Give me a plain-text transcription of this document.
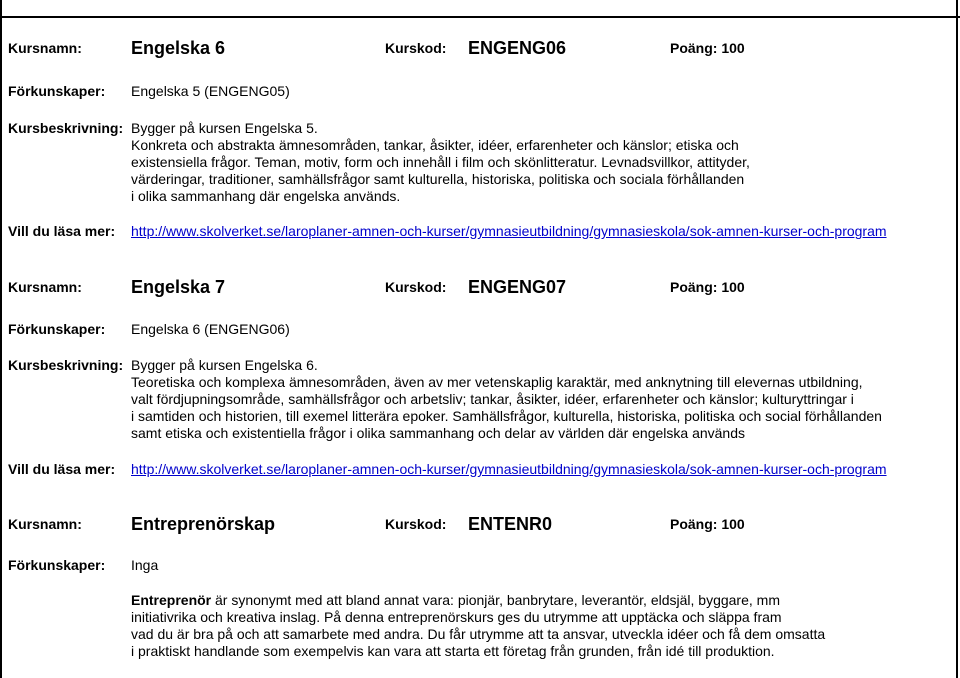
Kursnamn:	Engelska 6	Kurskod: ENGENG06	Poäng: 100
Förkunskaper: Engelska 5 (ENGENG05)
Kursbeskrivning: Bygger på kursen Engelska 5.

Konkreta och abstrakta ämnesområden, tankar, åsikter, idéer, erfarenheter och känslor; etiska och

existensiella frågor. Teman, motiv, form och innehåll i film och skönlitteratur. Levnadsvillkor, attityder,

värderingar, traditioner, samhällsfrågor samt kulturella, historiska, politiska och sociala förhållanden

i olika sammanhang där engelska används.

Vill du läsa mer: http://www.skolverket.se/laroplaner-amnen-och-kurser/gymnasieutbildning/gymnasieskola/sok-amnen-kurser-och-program
Kursnamn:	Engelska 7	Kurskod: ENGENG07	Poäng: 100
Förkunskaper: Engelska 6 (ENGENG06)
Kursbeskrivning: Bygger på kursen Engelska 6.

Teoretiska och komplexa ämnesområden, även av mer vetenskaplig karaktär, med anknytning till elevernas utbildning,

valt fördjupningsområde, samhällsfrågor och arbetsliv; tankar, åsikter, idéer, erfarenheter och känslor; kulturyttringar i

i samtiden och historien, till exemel litterära epoker. Samhällsfrågor, kulturella, historiska, politiska och social förhållanden

samt etiska och existentiella frågor i olika sammanhang och delar av världen där engelska används

Vill du läsa mer: http://www.skolverket.se/laroplaner-amnen-och-kurser/gymnasieutbildning/gymnasieskola/sok-amnen-kurser-och-program
Kursnamn:	Entreprenörskap	Kurskod: ENTENR0	Poäng: 100
Förkunskaper: Inga

Entreprenör är synonymt med att bland annat vara: pionjär, banbrytare, leverantör, eldsjäl, byggare, mm

initiativrika och kreativa inslag. På denna entreprenörskurs ges du utrymme att upptäcka och släppa fram

vad du är bra på och att samarbete med andra. Du får utrymme att ta ansvar, utveckla idéer och få dem omsatta

i praktiskt handlande som exempelvis kan vara att starta ett företag från grunden, från idé till produktion.
